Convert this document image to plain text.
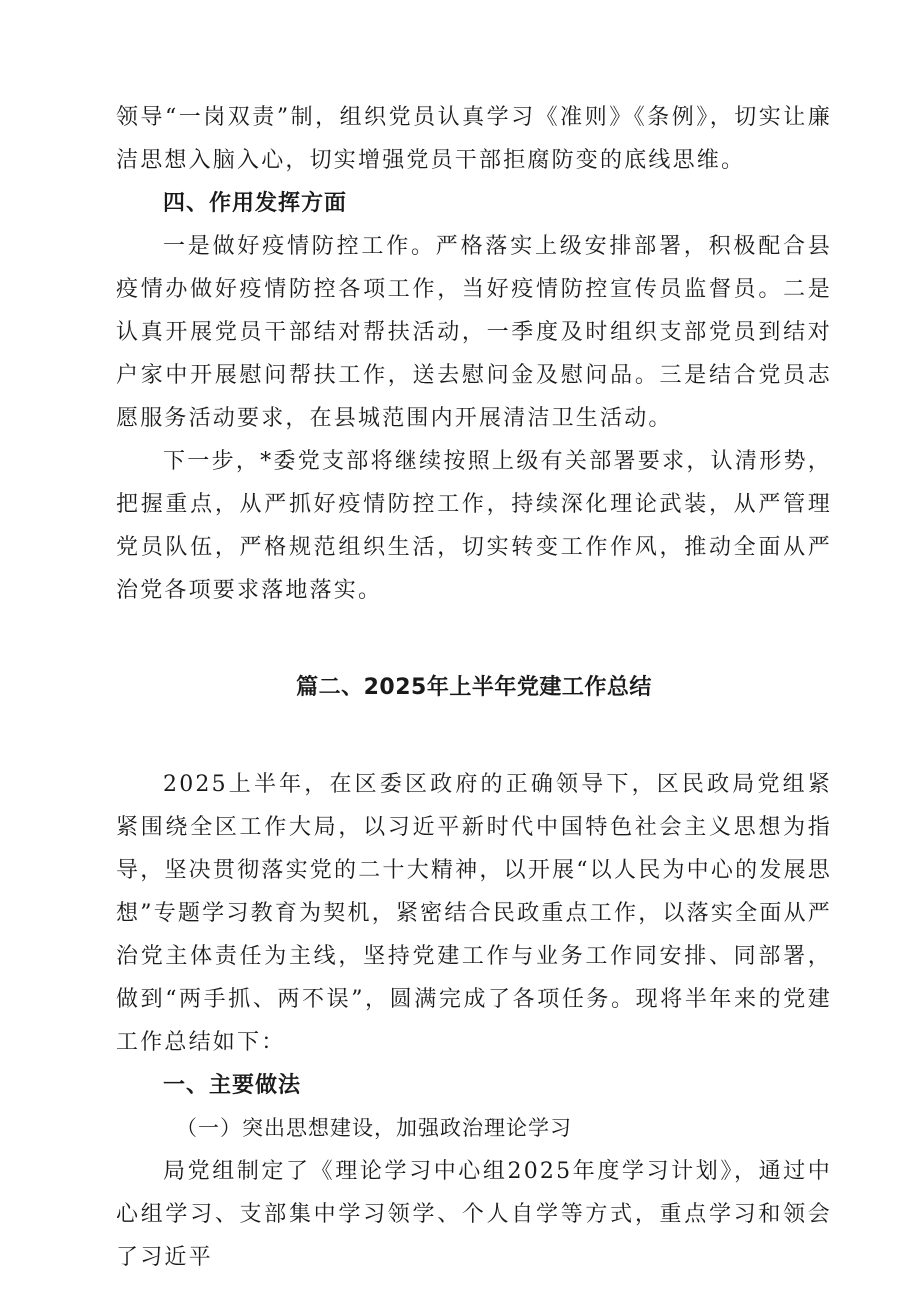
领导“一岗双责”制，组织党员认真学习《准则》《条例》，切实让廉洁思想入脑入心，切实增强党员干部拒腐防变的底线思维。

四、作用发挥方面

一是做好疫情防控工作。严格落实上级安排部署，积极配合县疫情办做好疫情防控各项工作，当好疫情防控宣传员监督员。二是认真开展党员干部结对帮扶活动，一季度及时组织支部党员到结对户家中开展慰问帮扶工作，送去慰问金及慰问品。三是结合党员志愿服务活动要求，在县城范围内开展清洁卫生活动。

下一步，*委党支部将继续按照上级有关部署要求，认清形势，把握重点，从严抓好疫情防控工作，持续深化理论武装，从严管理党员队伍，严格规范组织生活，切实转变工作作风，推动全面从严治党各项要求落地落实。

篇二、2025年上半年党建工作总结

2025上半年，在区委区政府的正确领导下，区民政局党组紧紧围绕全区工作大局，以习近平新时代中国特色社会主义思想为指导，坚决贯彻落实党的二十大精神，以开展“以人民为中心的发展思想”专题学习教育为契机，紧密结合民政重点工作，以落实全面从严治党主体责任为主线，坚持党建工作与业务工作同安排、同部署，做到“两手抓、两不误”，圆满完成了各项任务。现将半年来的党建工作总结如下：

一、主要做法

（一）突出思想建设，加强政治理论学习

局党组制定了《理论学习中心组2025年度学习计划》，通过中心组学习、支部集中学习领学、个人自学等方式，重点学习和领会了习近平
